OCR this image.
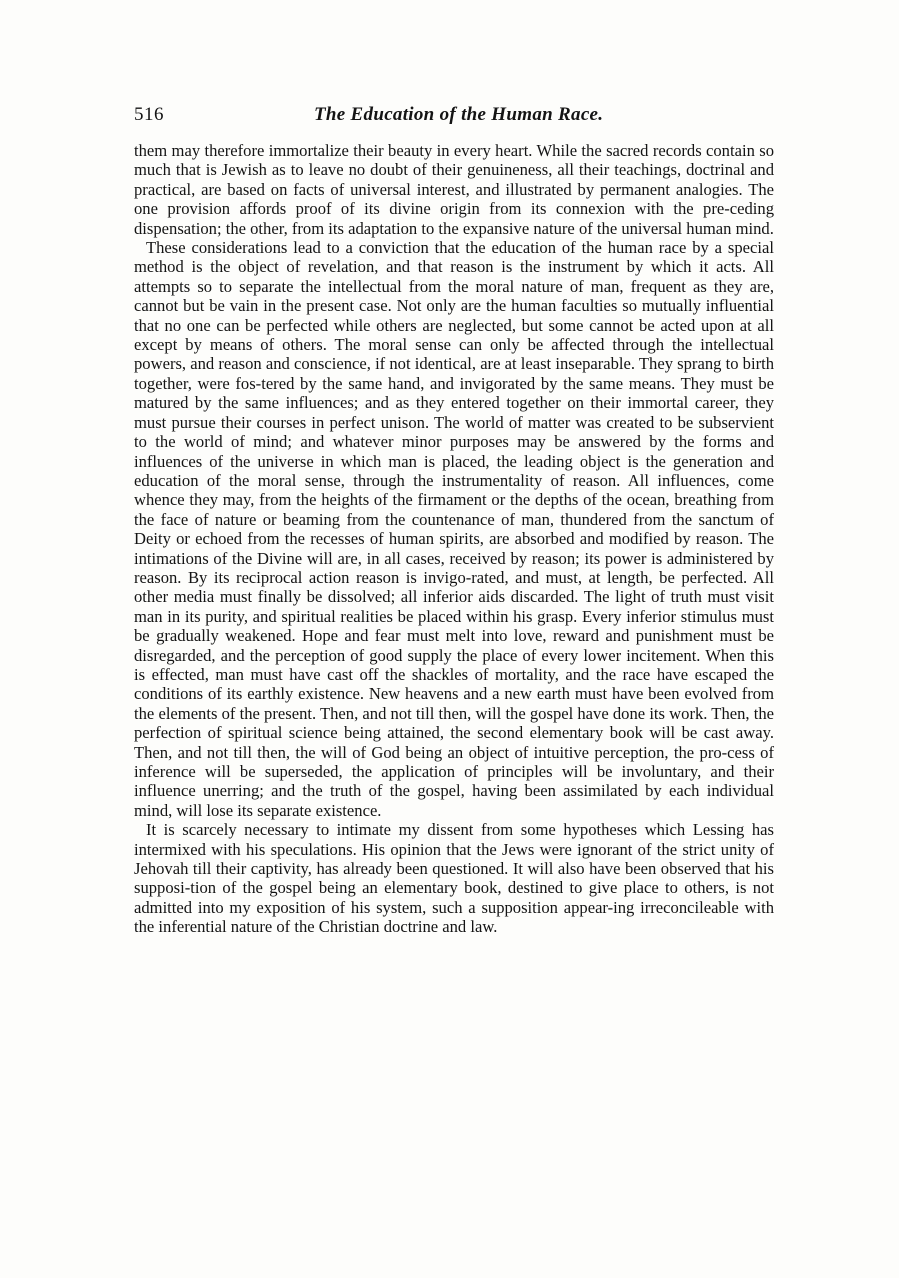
516	The Education of the Human Race.

them may therefore immortalize their beauty in every heart. While the sacred records contain so much that is Jewish as to leave no doubt of their genuineness, all their teachings, doctrinal and practical, are based on facts of universal interest, and illustrated by permanent analogies. The one provision affords proof of its divine origin from its connexion with the pre-ceding dispensation; the other, from its adaptation to the expansive nature of the universal human mind.

These considerations lead to a conviction that the education of the human race by a special method is the object of revelation, and that reason is the instrument by which it acts. All attempts so to separate the intellectual from the moral nature of man, frequent as they are, cannot but be vain in the present case. Not only are the human faculties so mutually influential that no one can be perfected while others are neglected, but some cannot be acted upon at all except by means of others. The moral sense can only be affected through the intellectual powers, and reason and conscience, if not identical, are at least inseparable. They sprang to birth together, were fos-tered by the same hand, and invigorated by the same means. They must be matured by the same influences; and as they entered together on their immortal career, they must pursue their courses in perfect unison. The world of matter was created to be subservient to the world of mind; and whatever minor purposes may be answered by the forms and influences of the universe in which man is placed, the leading object is the generation and education of the moral sense, through the instrumentality of reason. All influences, come whence they may, from the heights of the firmament or the depths of the ocean, breathing from the face of nature or beaming from the countenance of man, thundered from the sanctum of Deity or echoed from the recesses of human spirits, are absorbed and modified by reason. The intimations of the Divine will are, in all cases, received by reason; its power is administered by reason. By its reciprocal action reason is invigo-rated, and must, at length, be perfected. All other media must finally be dissolved; all inferior aids discarded. The light of truth must visit man in its purity, and spiritual realities be placed within his grasp. Every inferior stimulus must be gradually weakened. Hope and fear must melt into love, reward and punishment must be disregarded, and the perception of good supply the place of every lower incitement. When this is effected, man must have cast off the shackles of mortality, and the race have escaped the conditions of its earthly existence. New heavens and a new earth must have been evolved from the elements of the present. Then, and not till then, will the gospel have done its work. Then, the perfection of spiritual science being attained, the second elementary book will be cast away. Then, and not till then, the will of God being an object of intuitive perception, the pro-cess of inference will be superseded, the application of principles will be involuntary, and their influence unerring; and the truth of the gospel, having been assimilated by each individual mind, will lose its separate existence.

It is scarcely necessary to intimate my dissent from some hypotheses which Lessing has intermixed with his speculations. His opinion that the Jews were ignorant of the strict unity of Jehovah till their captivity, has already been questioned. It will also have been observed that his supposi-tion of the gospel being an elementary book, destined to give place to others, is not admitted into my exposition of his system, such a supposition appear-ing irreconcileable with the inferential nature of the Christian doctrine and law.
